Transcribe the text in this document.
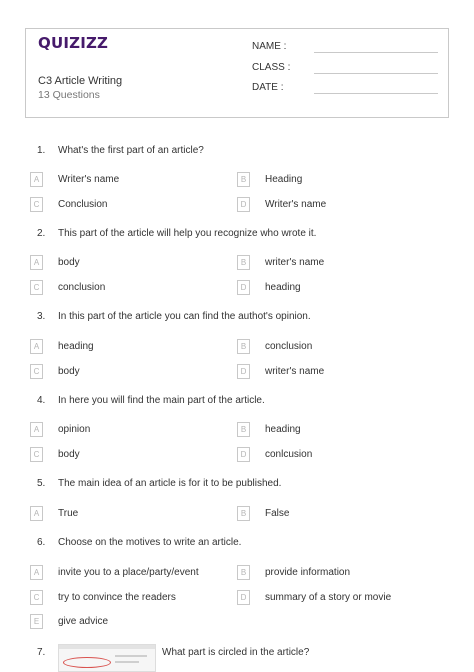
QUIZIZZ
C3 Article Writing
13 Questions
NAME :
CLASS :
DATE :
1. What's the first part of an article?
A	Writer's name	B	Heading
C	Conclusion	D	Writer's name
2. This part of the article will help you recognize who wrote it.
A	body	B	writer's name
C	conclusion	D	heading
3. In this part of the article you can find the authot's opinion.
A	heading	B	conclusion
C	body	D	writer's name
4. In here you will find the main part of the article.
A	opinion	B	heading
C	body	D	conlcusion
5. The main idea of an article is for it to be published.
A	True	B	False
6. Choose on the motives to write an article.
A	invite you to a place/party/event	B	provide information
C	try to convince the readers	D	summary of a story or movie
E	give advice
7.	What part is circled in the article?
